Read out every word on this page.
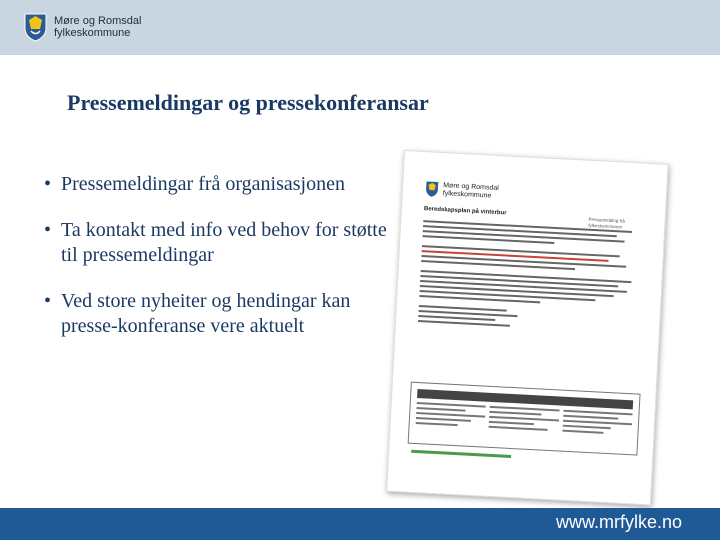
Møre og Romsdal
fylkeskommune
Pressemeldingar og pressekonferansar
• Pressemeldingar frå organisasjonen
• Ta kontakt med info ved behov for støtte til pressemeldingar
• Ved store nyheiter og hendingar kan presse-konferanse vere aktuelt
Møre og Romsdal
fylkeskommune
Beredskapsplan på vinterbur
Pressemelding frå fylkeskommunen
www.mrfylke.no
